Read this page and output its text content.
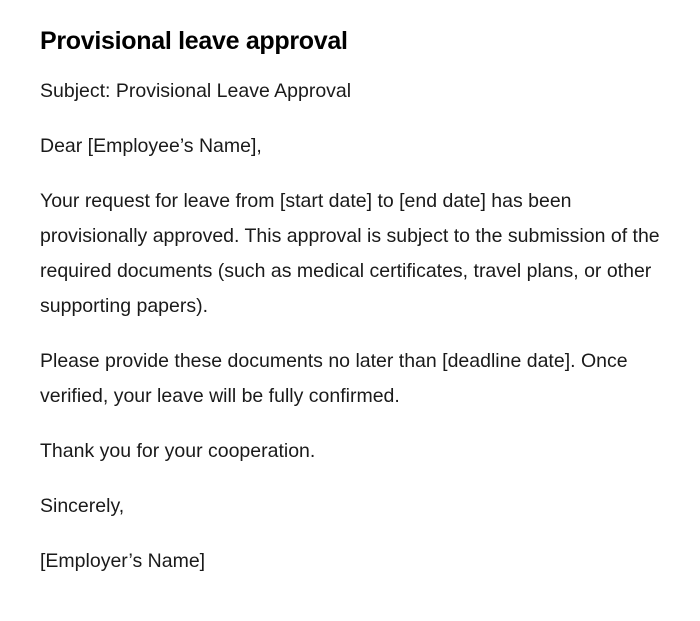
Provisional leave approval

Subject: Provisional Leave Approval

Dear [Employee’s Name],

Your request for leave from [start date] to [end date] has been provisionally approved. This approval is subject to the submission of the required documents (such as medical certificates, travel plans, or other supporting papers).

Please provide these documents no later than [deadline date]. Once verified, your leave will be fully confirmed.

Thank you for your cooperation.

Sincerely,

[Employer’s Name]
